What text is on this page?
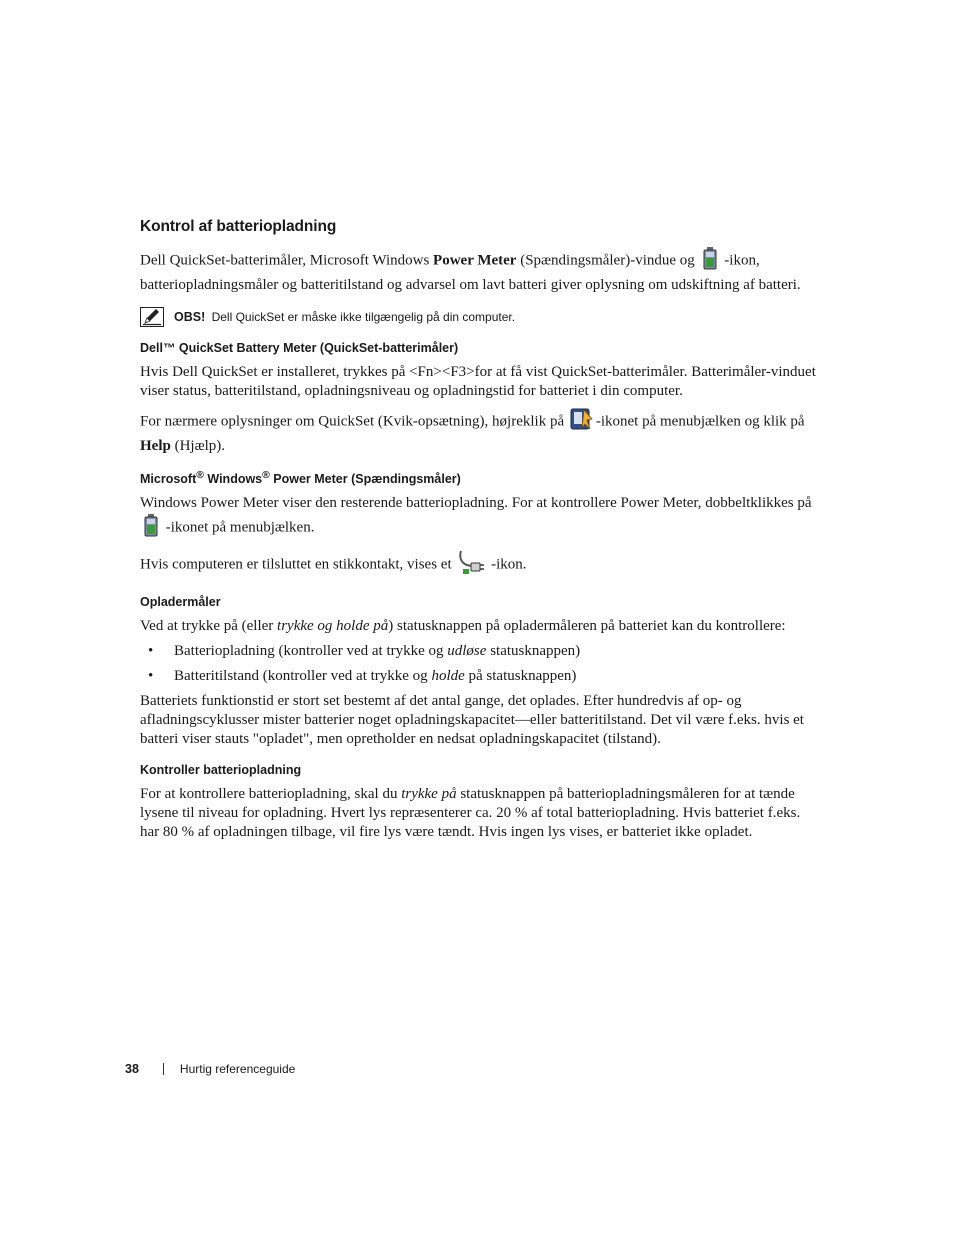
Kontrol af batteriopladning

Dell QuickSet-batterimåler, Microsoft Windows Power Meter (Spændingsmåler)-vindue og  -ikon, batteriopladningsmåler og batteritilstand og advarsel om lavt batteri giver oplysning om udskiftning af batteri.

OBS! Dell QuickSet er måske ikke tilgængelig på din computer.
Dell™ QuickSet Battery Meter (QuickSet-batterimåler)

Hvis Dell QuickSet er installeret, trykkes på <Fn><F3>for at få vist QuickSet-batterimåler. Batterimåler-vinduet viser status, batteritilstand, opladningsniveau og opladningstid for batteriet i din computer.

For nærmere oplysninger om QuickSet (Kvik-opsætning), højreklik på -ikonet på menubjælken og klik på Help (Hjælp).

Microsoft® Windows® Power Meter (Spændingsmåler)

Windows Power Meter viser den resterende batteriopladning. For at kontrollere Power Meter, dobbeltklikkes på  -ikonet på menubjælken.

Hvis computeren er tilsluttet en stikkontakt, vises et  -ikon.

Opladermåler

Ved at trykke på (eller trykke og holde på) statusknappen på opladermåleren på batteriet kan du kontrollere:

• Batteriopladning (kontroller ved at trykke og udløse statusknappen)
• Batteritilstand (kontroller ved at trykke og holde på statusknappen)

Batteriets funktionstid er stort set bestemt af det antal gange, det oplades. Efter hundredvis af op- og afladningscyklusser mister batterier noget opladningskapacitet—eller batteritilstand. Det vil være f.eks. hvis et batteri viser stauts "opladet", men opretholder en nedsat opladningskapacitet (tilstand).

Kontroller batteriopladning

For at kontrollere batteriopladning, skal du trykke på statusknappen på batteriopladningsmåleren for at tænde lysene til niveau for opladning. Hvert lys repræsenterer ca. 20 % af total batteriopladning. Hvis batteriet f.eks. har 80 % af opladningen tilbage, vil fire lys være tændt. Hvis ingen lys vises, er batteriet ikke opladet.

38	Hurtig referenceguide
